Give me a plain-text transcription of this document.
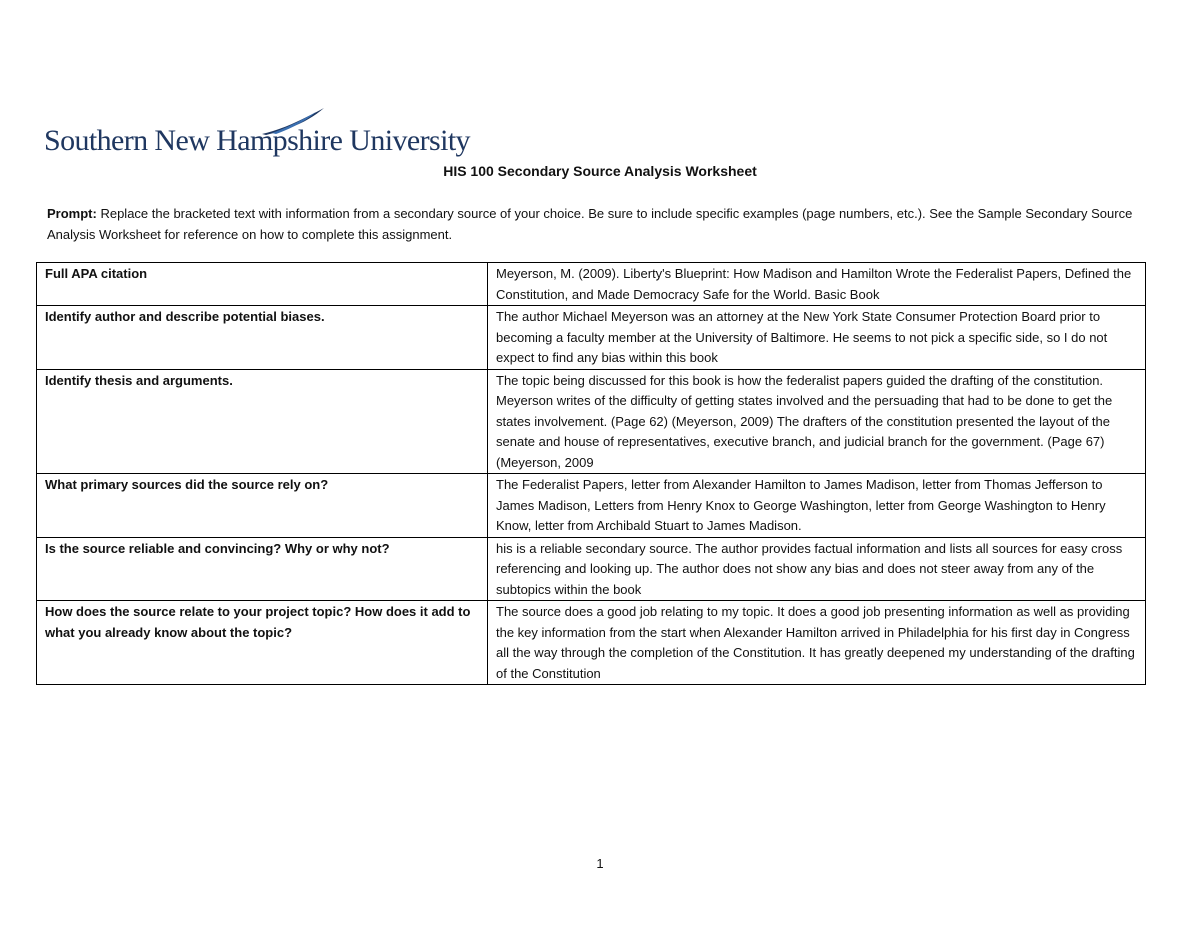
Southern New Hampshire University
HIS 100 Secondary Source Analysis Worksheet
Prompt: Replace the bracketed text with information from a secondary source of your choice. Be sure to include specific examples (page numbers, etc.). See the Sample Secondary Source Analysis Worksheet for reference on how to complete this assignment.
Full APA citation	Meyerson, M. (2009). Liberty's Blueprint: How Madison and Hamilton Wrote the Federalist Papers, Defined the Constitution, and Made Democracy Safe for the World. Basic Book
Identify author and describe potential biases.	The author Michael Meyerson was an attorney at the New York State Consumer Protection Board prior to becoming a faculty member at the University of Baltimore. He seems to not pick a specific side, so I do not expect to find any bias within this book
Identify thesis and arguments.	The topic being discussed for this book is how the federalist papers guided the drafting of the constitution. Meyerson writes of the difficulty of getting states involved and the persuading that had to be done to get the states involvement. (Page 62) (Meyerson, 2009) The drafters of the constitution presented the layout of the senate and house of representatives, executive branch, and judicial branch for the government. (Page 67) (Meyerson, 2009
What primary sources did the source rely on?	The Federalist Papers, letter from Alexander Hamilton to James Madison, letter from Thomas Jefferson to James Madison, Letters from Henry Knox to George Washington, letter from George Washington to Henry Know, letter from Archibald Stuart to James Madison.
Is the source reliable and convincing? Why or why not?	his is a reliable secondary source. The author provides factual information and lists all sources for easy cross referencing and looking up. The author does not show any bias and does not steer away from any of the subtopics within the book
How does the source relate to your project topic? How does it add to what you already know about the topic?	The source does a good job relating to my topic. It does a good job presenting information as well as providing the key information from the start when Alexander Hamilton arrived in Philadelphia for his first day in Congress all the way through the completion of the Constitution. It has greatly deepened my understanding of the drafting of the Constitution
1
